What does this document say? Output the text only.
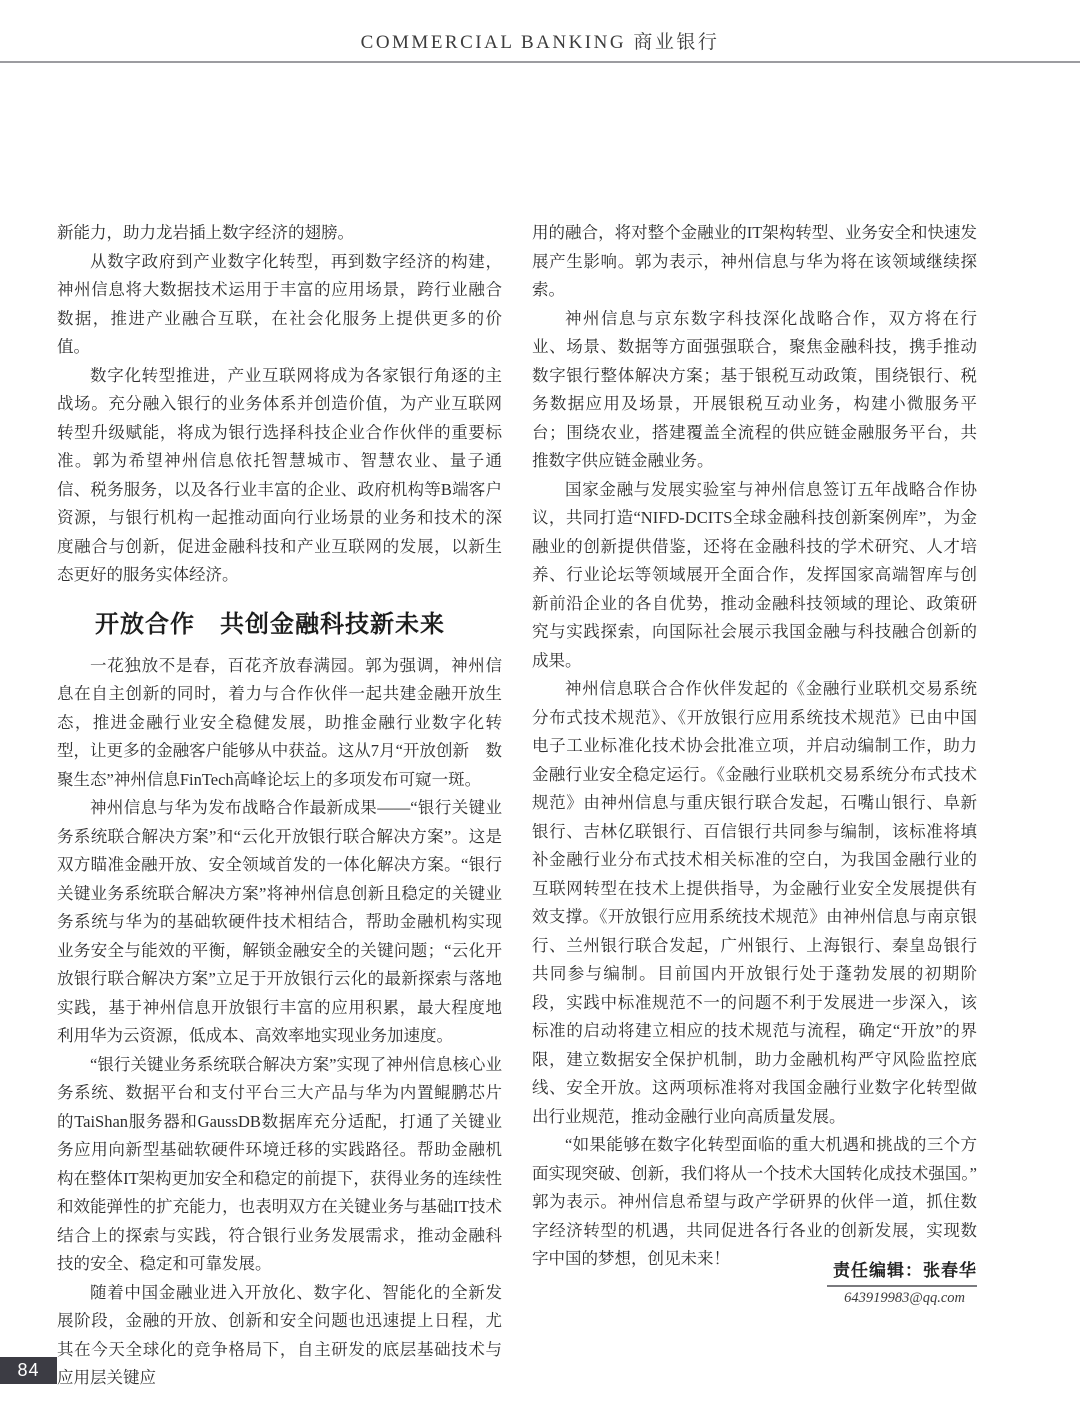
COMMERCIAL BANKING 商业银行

新能力，助力龙岩插上数字经济的翅膀。

从数字政府到产业数字化转型，再到数字经济的构建，神州信息将大数据技术运用于丰富的应用场景，跨行业融合数据，推进产业融合互联，在社会化服务上提供更多的价值。

数字化转型推进，产业互联网将成为各家银行角逐的主战场。充分融入银行的业务体系并创造价值，为产业互联网转型升级赋能，将成为银行选择科技企业合作伙伴的重要标准。郭为希望神州信息依托智慧城市、智慧农业、量子通信、税务服务，以及各行业丰富的企业、政府机构等B端客户资源，与银行机构一起推动面向行业场景的业务和技术的深度融合与创新，促进金融科技和产业互联网的发展，以新生态更好的服务实体经济。

开放合作　共创金融科技新未来

一花独放不是春，百花齐放春满园。郭为强调，神州信息在自主创新的同时，着力与合作伙伴一起共建金融开放生态，推进金融行业安全稳健发展，助推金融行业数字化转型，让更多的金融客户能够从中获益。这从7月“开放创新　数聚生态”神州信息FinTech高峰论坛上的多项发布可窥一斑。

神州信息与华为发布战略合作最新成果——“银行关键业务系统联合解决方案”和“云化开放银行联合解决方案”。这是双方瞄准金融开放、安全领域首发的一体化解决方案。“银行关键业务系统联合解决方案”将神州信息创新且稳定的关键业务系统与华为的基础软硬件技术相结合，帮助金融机构实现业务安全与能效的平衡，解锁金融安全的关键问题；“云化开放银行联合解决方案”立足于开放银行云化的最新探索与落地实践，基于神州信息开放银行丰富的应用积累，最大程度地利用华为云资源，低成本、高效率地实现业务加速度。

“银行关键业务系统联合解决方案”实现了神州信息核心业务系统、数据平台和支付平台三大产品与华为内置鲲鹏芯片的TaiShan服务器和GaussDB数据库充分适配，打通了关键业务应用向新型基础软硬件环境迁移的实践路径。帮助金融机构在整体IT架构更加安全和稳定的前提下，获得业务的连续性和效能弹性的扩充能力，也表明双方在关键业务与基础IT技术结合上的探索与实践，符合银行业务发展需求，推动金融科技的安全、稳定和可靠发展。

随着中国金融业进入开放化、数字化、智能化的全新发展阶段，金融的开放、创新和安全问题也迅速提上日程，尤其在今天全球化的竞争格局下，自主研发的底层基础技术与应用层关键应

用的融合，将对整个金融业的IT架构转型、业务安全和快速发展产生影响。郭为表示，神州信息与华为将在该领域继续探索。

神州信息与京东数字科技深化战略合作，双方将在行业、场景、数据等方面强强联合，聚焦金融科技，携手推动数字银行整体解决方案；基于银税互动政策，围绕银行、税务数据应用及场景，开展银税互动业务，构建小微服务平台；围绕农业，搭建覆盖全流程的供应链金融服务平台，共推数字供应链金融业务。

国家金融与发展实验室与神州信息签订五年战略合作协议，共同打造“NIFD-DCITS全球金融科技创新案例库”，为金融业的创新提供借鉴，还将在金融科技的学术研究、人才培养、行业论坛等领域展开全面合作，发挥国家高端智库与创新前沿企业的各自优势，推动金融科技领域的理论、政策研究与实践探索，向国际社会展示我国金融与科技融合创新的成果。

神州信息联合合作伙伴发起的《金融行业联机交易系统分布式技术规范》、《开放银行应用系统技术规范》已由中国电子工业标准化技术协会批准立项，并启动编制工作，助力金融行业安全稳定运行。《金融行业联机交易系统分布式技术规范》由神州信息与重庆银行联合发起，石嘴山银行、阜新银行、吉林亿联银行、百信银行共同参与编制，该标准将填补金融行业分布式技术相关标准的空白，为我国金融行业的互联网转型在技术上提供指导，为金融行业安全发展提供有效支撑。《开放银行应用系统技术规范》由神州信息与南京银行、兰州银行联合发起，广州银行、上海银行、秦皇岛银行共同参与编制。目前国内开放银行处于蓬勃发展的初期阶段，实践中标准规范不一的问题不利于发展进一步深入，该标准的启动将建立相应的技术规范与流程，确定“开放”的界限，建立数据安全保护机制，助力金融机构严守风险监控底线、安全开放。这两项标准将对我国金融行业数字化转型做出行业规范，推动金融行业向高质量发展。

“如果能够在数字化转型面临的重大机遇和挑战的三个方面实现突破、创新，我们将从一个技术大国转化成技术强国。”郭为表示。神州信息希望与政产学研界的伙伴一道，抓住数字经济转型的机遇，共同促进各行各业的创新发展，实现数字中国的梦想，创见未来！

责任编辑：张春华
643919983@qq.com
84
